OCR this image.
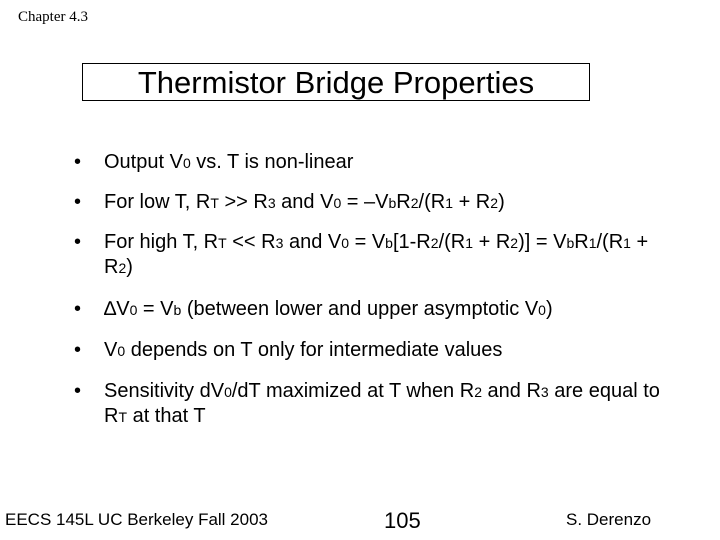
Chapter 4.3
Thermistor Bridge Properties
• Output V0 vs. T is non-linear
• For low T, RT >> R3 and V0 = –VbR2/(R1 + R2)
• For high T, RT << R3 and V0 = Vb[1-R2/(R1 + R2)] = VbR1/(R1 + R2)
• ∆V0 = Vb (between lower and upper asymptotic V0)
• V0 depends on T only for intermediate values
• Sensitivity dV0/dT maximized at T when R2 and R3 are equal to RT at that T
EECS 145L UC Berkeley Fall 2003	105	S. Derenzo
